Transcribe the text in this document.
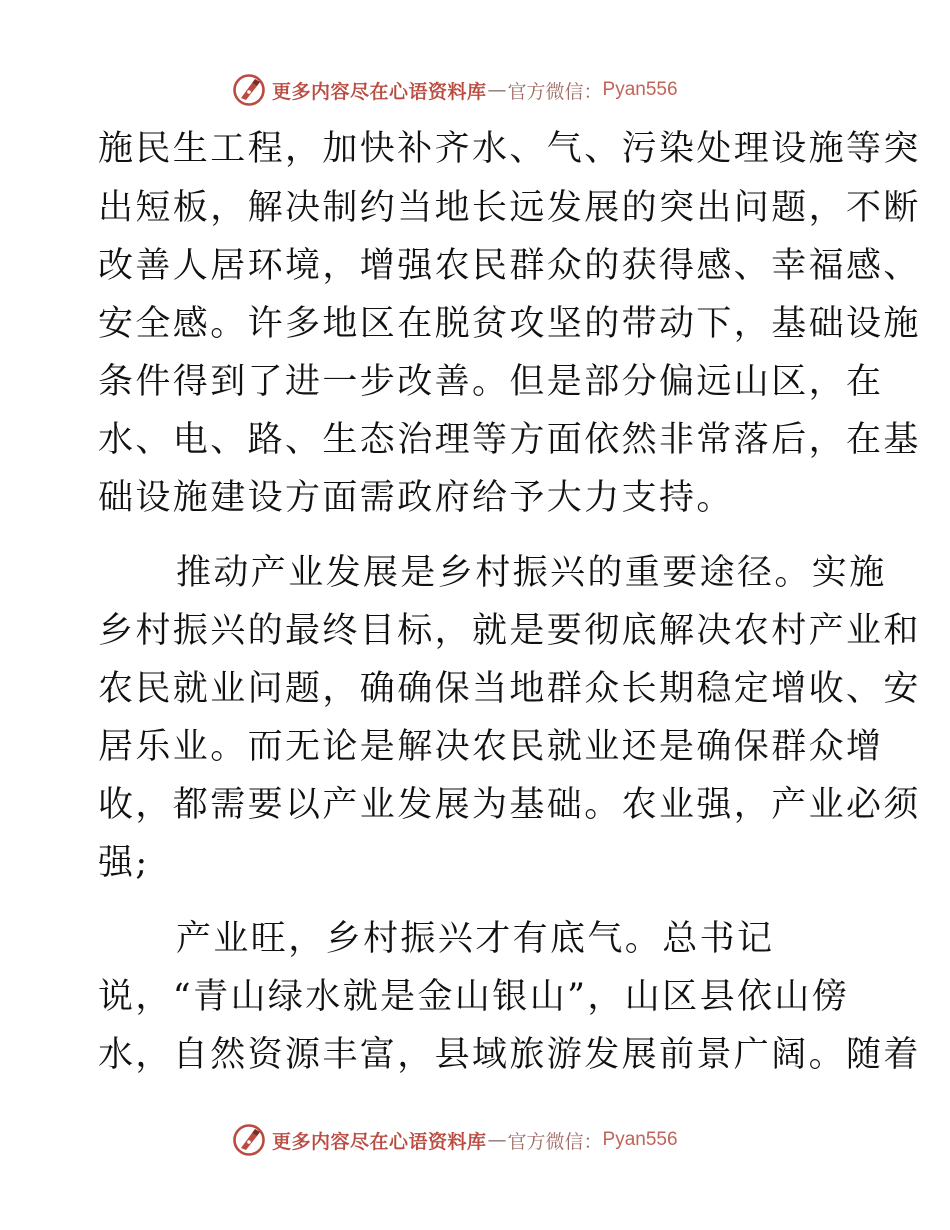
更多内容尽在心语资料库 — 官方微信： Pyan556
施民生工程，加快补齐水、气、污染处理设施等突
出短板，解决制约当地长远发展的突出问题，不断
改善人居环境，增强农民群众的获得感、幸福感、
安全感。许多地区在脱贫攻坚的带动下，基础设施
条件得到了进一步改善。但是部分偏远山区，在
水、电、路、生态治理等方面依然非常落后，在基
础设施建设方面需政府给予大力支持。
推动产业发展是乡村振兴的重要途径。实施
乡村振兴的最终目标，就是要彻底解决农村产业和
农民就业问题，确确保当地群众长期稳定增收、安
居乐业。而无论是解决农民就业还是确保群众增
收，都需要以产业发展为基础。农业强，产业必须
强;
产业旺，乡村振兴才有底气。总书记
说，“青山绿水就是金山银山”，山区县依山傍
水，自然资源丰富，县域旅游发展前景广阔。随着
更多内容尽在心语资料库 — 官方微信： Pyan556
